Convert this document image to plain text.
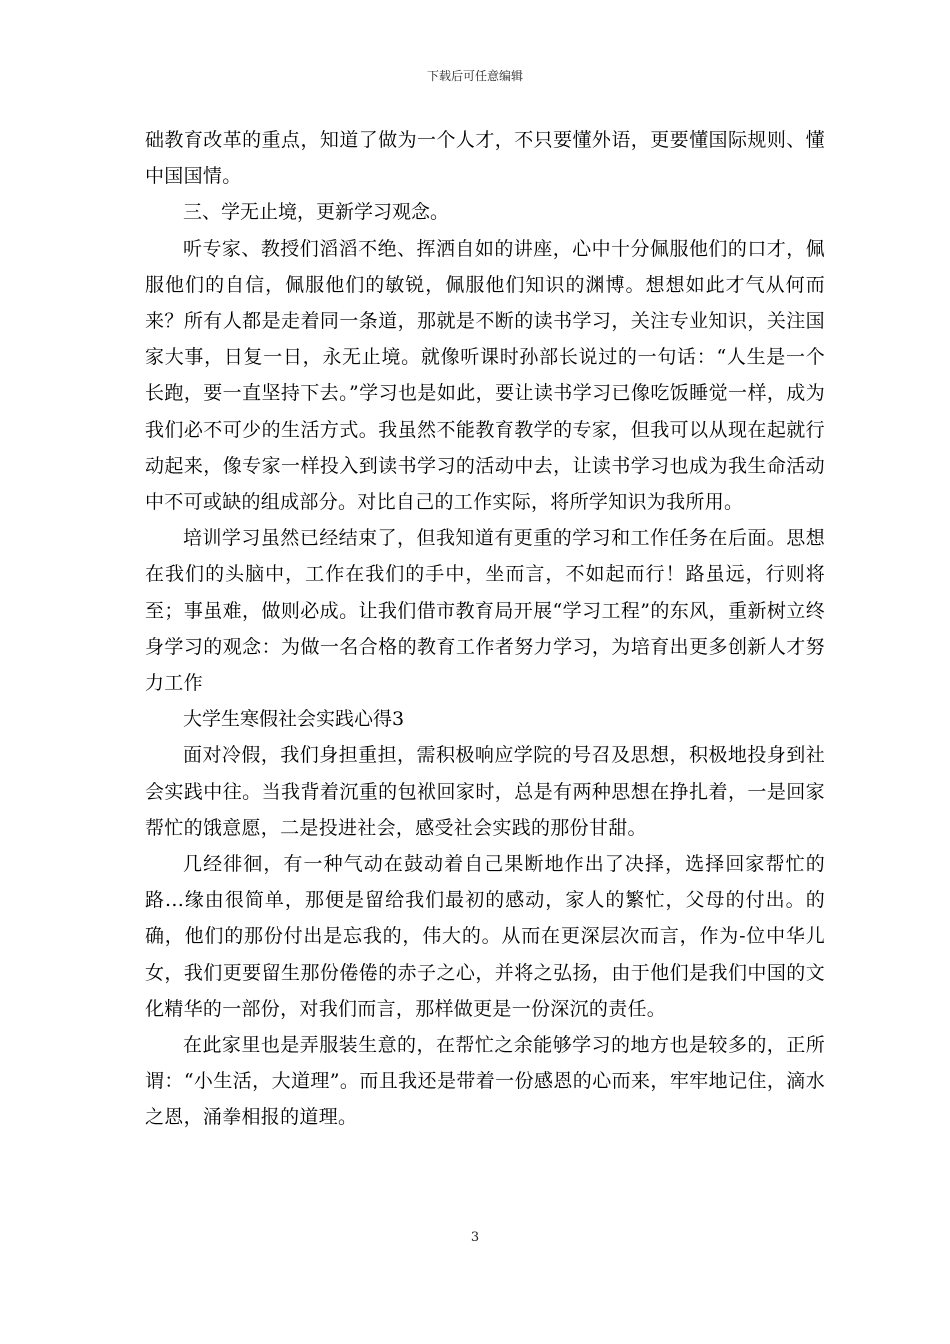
下载后可任意编辑

础教育改革的重点，知道了做为一个人才，不只要懂外语，更要懂国际规则、懂中国国情。

三、学无止境，更新学习观念。

听专家、教授们滔滔不绝、挥洒自如的讲座，心中十分佩服他们的口才，佩服他们的自信，佩服他们的敏锐，佩服他们知识的渊博。想想如此才气从何而来？所有人都是走着同一条道，那就是不断的读书学习，关注专业知识，关注国家大事，日复一日，永无止境。就像听课时孙部长说过的一句话：“人生是一个长跑，要一直坚持下去。”学习也是如此，要让读书学习已像吃饭睡觉一样，成为我们必不可少的生活方式。我虽然不能教育教学的专家，但我可以从现在起就行动起来，像专家一样投入到读书学习的活动中去，让读书学习也成为我生命活动中不可或缺的组成部分。对比自己的工作实际，将所学知识为我所用。

培训学习虽然已经结束了，但我知道有更重的学习和工作任务在后面。思想在我们的头脑中，工作在我们的手中，坐而言，不如起而行！路虽远，行则将至；事虽难，做则必成。让我们借市教育局开展“学习工程”的东风，重新树立终身学习的观念：为做一名合格的教育工作者努力学习，为培育出更多创新人才努力工作

大学生寒假社会实践心得3

面对冷假，我们身担重担，需积极响应学院的号召及思想，积极地投身到社会实践中往。当我背着沉重的包袱回家时，总是有两种思想在挣扎着，一是回家帮忙的饿意愿，二是投进社会，感受社会实践的那份甘甜。

几经徘徊，有一种气动在鼓动着自己果断地作出了决择，选择回家帮忙的路...缘由很简单，那便是留给我们最初的感动，家人的繁忙，父母的付出。的确，他们的那份付出是忘我的，伟大的。从而在更深层次而言，作为-位中华儿女，我们更要留生那份倦倦的赤子之心，并将之弘扬，由于他们是我们中国的文化精华的一部份，对我们而言，那样做更是一份深沉的责任。

在此家里也是弄服装生意的，在帮忙之余能够学习的地方也是较多的，正所谓：“小生活，大道理”。而且我还是带着一份感恩的心而来，牢牢地记住，滴水之恩，涌拳相报的道理。

3
